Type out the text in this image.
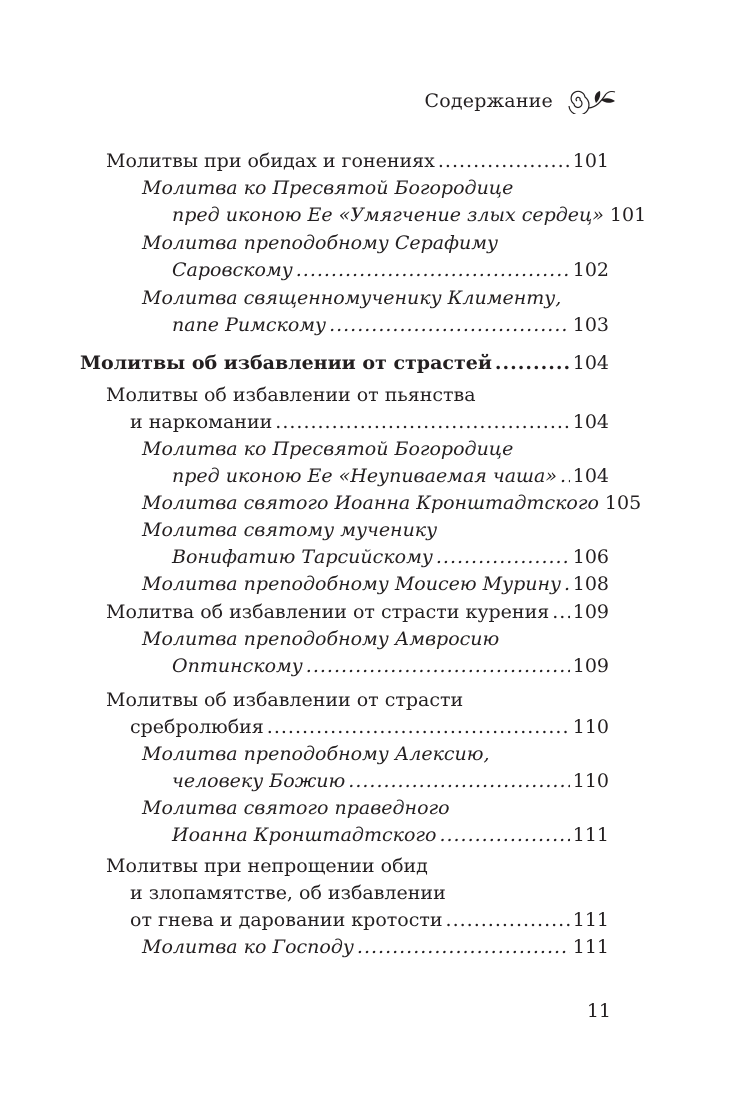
Содержание
Молитвы при обидах и гонениях .....	101
Молитва ко Пресвятой Богородице
пред иконою Ее «Умягчение злых сердец» 101
Молитва преподобному Серафиму
Саровскому .....	102
Молитва священномученику Клименту,
папе Римскому .....	103
Молитвы об избавлении от страстей .....	104
Молитвы об избавлении от пьянства
и наркомании .....	104
Молитва ко Пресвятой Богородице
пред иконою Ее «Неупиваемая чаша» ..... 104
Молитва святого Иоанна Кронштадтского 105
Молитва святому мученику
Вонифатию Тарсийскому .....	106
Молитва преподобному Моисею Мурину ..... 108
Молитва об избавлении от страсти курения ..... 109
Молитва преподобному Амвросию
Оптинскому .....	109
Молитвы об избавлении от страсти
сребролюбия .....	110
Молитва преподобному Алексию,
человеку Божию .....	110
Молитва святого праведного
Иоанна Кронштадтского .....	111
Молитвы при непрощении обид
и злопамятстве, об избавлении
от гнева и даровании кротости .....	111
Молитва ко Господу .....	111
11
